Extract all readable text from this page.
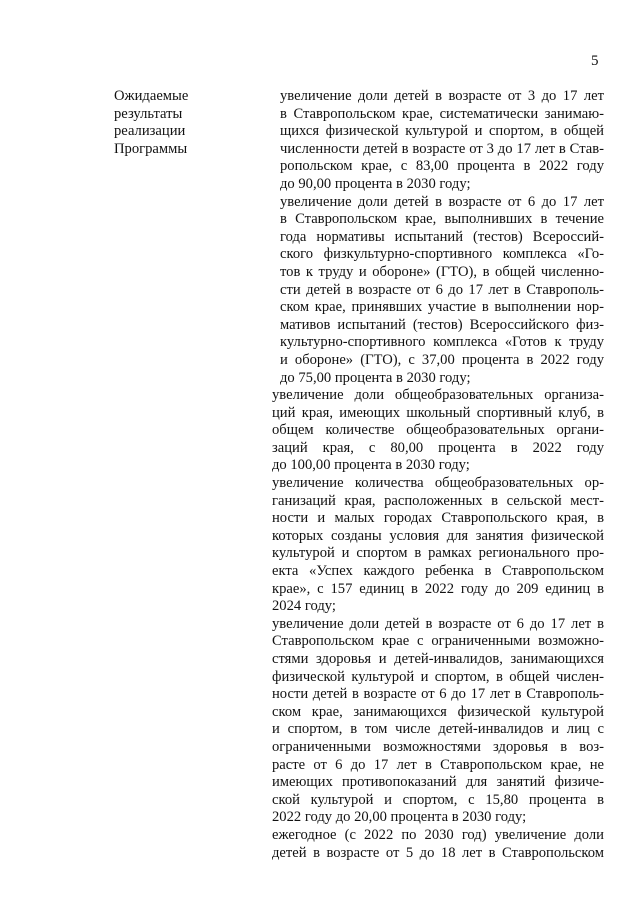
5
Ожидаемые
результаты
реализации
Программы
увеличение доли детей в возрасте от 3 до 17 лет
в Ставропольском крае, систематически занимаю-
щихся физической культурой и спортом, в общей
численности детей в возрасте от 3 до 17 лет в Став-
ропольском крае, с 83,00 процента в 2022 году
до 90,00 процента в 2030 году;
увеличение доли детей в возрасте от 6 до 17 лет
в Ставропольском крае, выполнивших в течение
года нормативы испытаний (тестов) Всероссий-
ского физкультурно-спортивного комплекса «Го-
тов к труду и обороне» (ГТО), в общей численно-
сти детей в возрасте от 6 до 17 лет в Ставрополь-
ском крае, принявших участие в выполнении нор-
мативов испытаний (тестов) Всероссийского физ-
культурно-спортивного комплекса «Готов к труду
и обороне» (ГТО), с 37,00 процента в 2022 году
до 75,00 процента в 2030 году;
увеличение доли общеобразовательных организа-
ций края, имеющих школьный спортивный клуб, в
общем количестве общеобразовательных органи-
заций края, с 80,00 процента в 2022 году
до 100,00 процента в 2030 году;
увеличение количества общеобразовательных ор-
ганизаций края, расположенных в сельской мест-
ности и малых городах Ставропольского края, в
которых созданы условия для занятия физической
культурой и спортом в рамках регионального про-
екта «Успех каждого ребенка в Ставропольском
крае», с 157 единиц в 2022 году до 209 единиц в
2024 году;
увеличение доли детей в возрасте от 6 до 17 лет в
Ставропольском крае с ограниченными возможно-
стями здоровья и детей-инвалидов, занимающихся
физической культурой и спортом, в общей числен-
ности детей в возрасте от 6 до 17 лет в Ставрополь-
ском крае, занимающихся физической культурой
и спортом, в том числе детей-инвалидов и лиц с
ограниченными возможностями здоровья в воз-
расте от 6 до 17 лет в Ставропольском крае, не
имеющих противопоказаний для занятий физиче-
ской культурой и спортом, с 15,80 процента в
2022 году до 20,00 процента в 2030 году;
ежегодное (с 2022 по 2030 год) увеличение доли
детей в возрасте от 5 до 18 лет в Ставропольском
